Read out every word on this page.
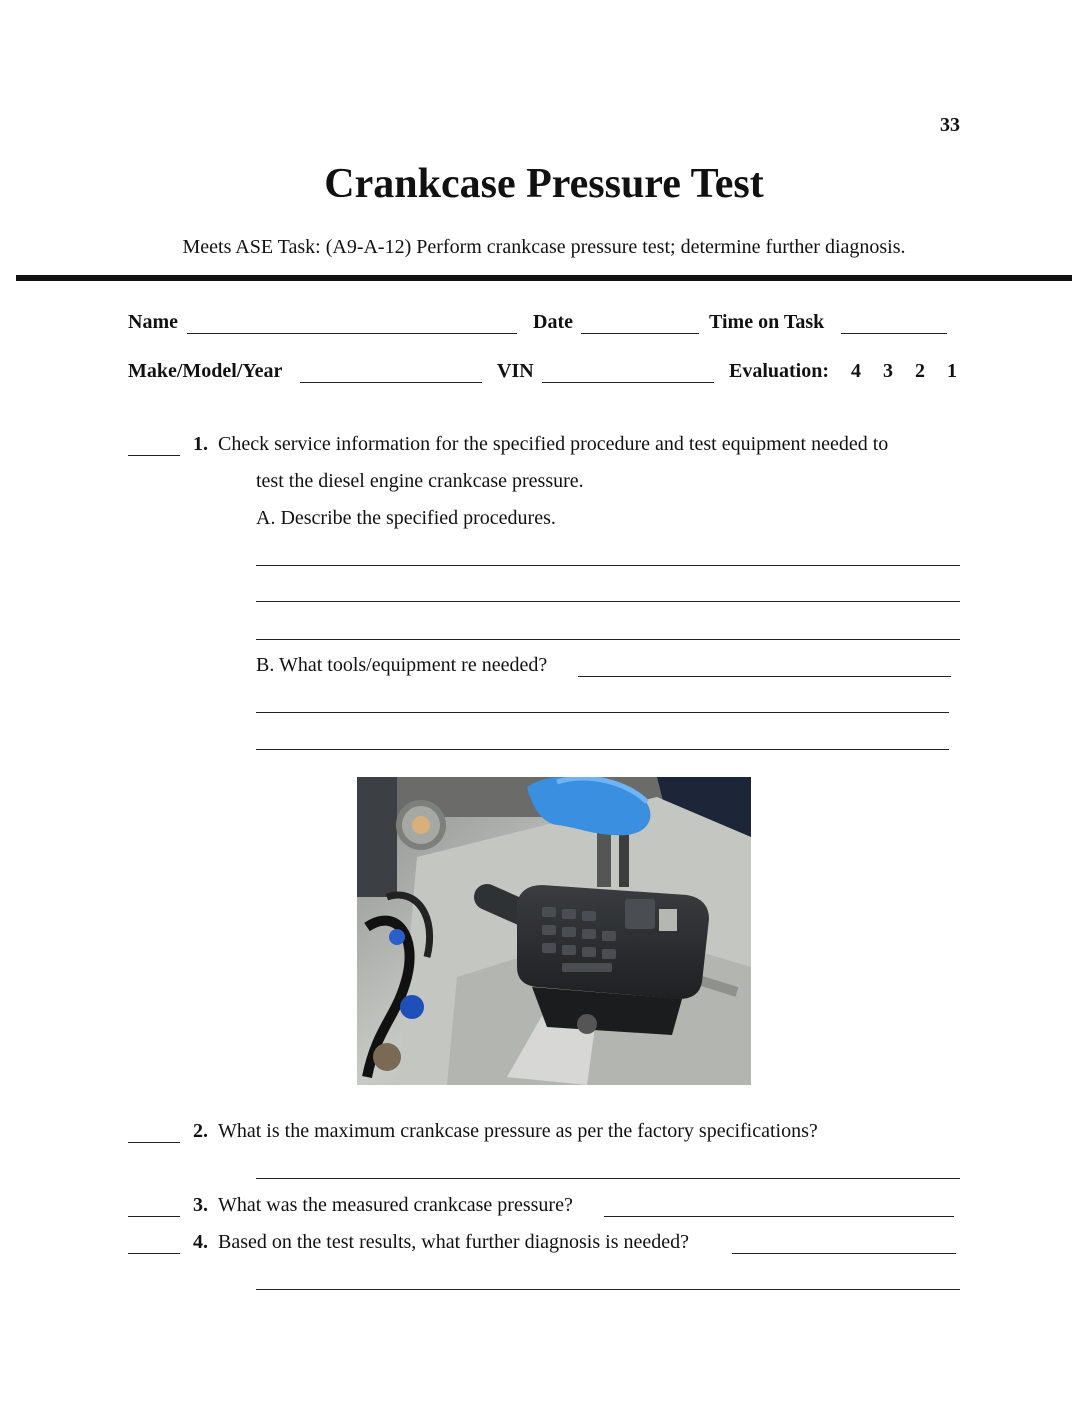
33
Crankcase Pressure Test
Meets ASE Task: (A9-A-12) Perform crankcase pressure test; determine further diagnosis.
Name	Date	Time on Task
Make/Model/Year	VIN	Evaluation: 4 3 2 1
1. Check service information for the specified procedure and test equipment needed to
test the diesel engine crankcase pressure.
A. Describe the specified procedures.
B. What tools/equipment re needed?
2. What is the maximum crankcase pressure as per the factory specifications?
3. What was the measured crankcase pressure?
4. Based on the test results, what further diagnosis is needed?
